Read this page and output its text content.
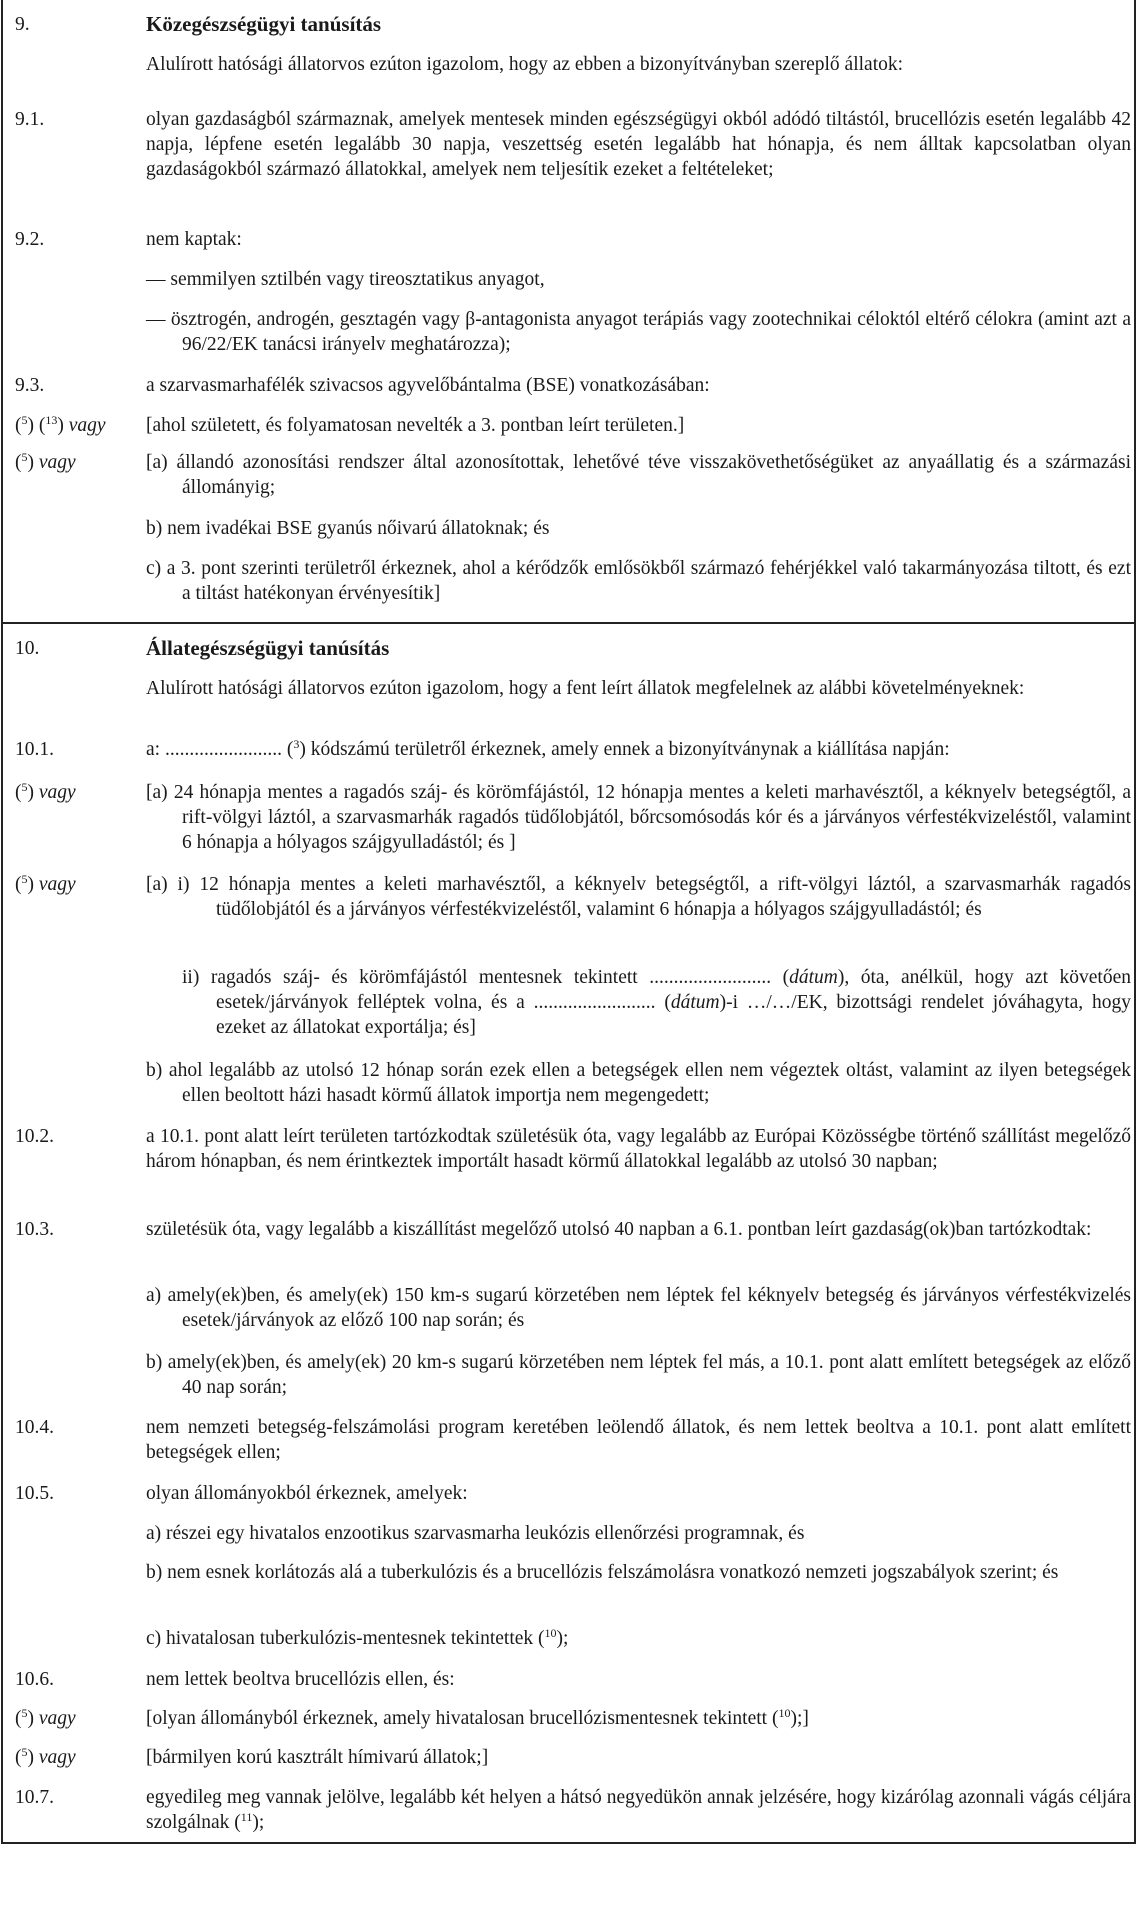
9.	Közegészségügyi tanúsítás
Alulírott hatósági állatorvos ezúton igazolom, hogy az ebben a bizonyítványban szereplő állatok:
9.1.	olyan gazdaságból származnak, amelyek mentesek minden egészségügyi okból adódó tiltástól, brucellózis esetén legalább 42 napja, lépfene esetén legalább 30 napja, veszettség esetén legalább hat hónapja, és nem álltak kapcsolatban olyan gazdaságokból származó állatokkal, amelyek nem teljesítik ezeket a feltételeket;
9.2.	nem kaptak:
— semmilyen sztilbén vagy tireosztatikus anyagot,
— ösztrogén, androgén, gesztagén vagy β-antagonista anyagot terápiás vagy zootechnikai céloktól eltérő célokra (amint azt a 96/22/EK tanácsi irányelv meghatározza);
9.3.	a szarvasmarhafélék szivacsos agyvelőbántalma (BSE) vonatkozásában:
($^5$) ($^{13}$) vagy [ahol született, és folyamatosan nevelték a 3. pontban leírt területen.]
($^5$) vagy	[a) állandó azonosítási rendszer által azonosítottak, lehetővé téve visszakövethetőségüket az anyaállatig és a származási állományig;
b) nem ivadékai BSE gyanús nőivarú állatoknak; és
c) a 3. pont szerinti területről érkeznek, ahol a kérődzők emlősökből származó fehérjékkel való takarmányozása tiltott, és ezt a tiltást hatékonyan érvényesítik]
10.	Állategészségügyi tanúsítás
Alulírott hatósági állatorvos ezúton igazolom, hogy a fent leírt állatok megfelelnek az alábbi követelményeknek:
10.1.	a: ........................ ($^3$) kódszámú területről érkeznek, amely ennek a bizonyítványnak a kiállítása napján:
($^5$) vagy	[a) 24 hónapja mentes a ragadós száj- és körömfájástól, 12 hónapja mentes a keleti marhavésztől, a kéknyelv betegségtől, a rift-völgyi láztól, a szarvasmarhák ragadós tüdőlobjától, bőrcsomósodás kór és a járványos vérfestékvizeléstől, valamint 6 hónapja a hólyagos szájgyulladástól; és ]
($^5$) vagy	[a) i) 12 hónapja mentes a keleti marhavésztől, a kéknyelv betegségtől, a rift-völgyi láztól, a szarvasmarhák ragadós tüdőlobjától és a járványos vérfestékvizeléstől, valamint 6 hónapja a hólyagos szájgyulladástól; és
ii) ragadós száj- és körömfájástól mentesnek tekintett ......................... (dátum), óta, anélkül, hogy azt követően esetek/járványok felléptek volna, és a ......................... (dátum)-i …/…/EK, bizottsági rendelet jóváhagyta, hogy ezeket az állatokat exportálja; és]
b) ahol legalább az utolsó 12 hónap során ezek ellen a betegségek ellen nem végeztek oltást, valamint az ilyen betegségek ellen beoltott házi hasadt körmű állatok importja nem megengedett;
10.2.	a 10.1. pont alatt leírt területen tartózkodtak születésük óta, vagy legalább az Európai Közösségbe történő szállítást megelőző három hónapban, és nem érintkeztek importált hasadt körmű állatokkal legalább az utolsó 30 napban;
10.3.	születésük óta, vagy legalább a kiszállítást megelőző utolsó 40 napban a 6.1. pontban leírt gazdaság(ok)ban tartózkodtak:
a) amely(ek)ben, és amely(ek) 150 km-s sugarú körzetében nem léptek fel kéknyelv betegség és járványos vérfestékvizelés esetek/járványok az előző 100 nap során; és
b) amely(ek)ben, és amely(ek) 20 km-s sugarú körzetében nem léptek fel más, a 10.1. pont alatt említett betegségek az előző 40 nap során;
10.4.	nem nemzeti betegség-felszámolási program keretében leölendő állatok, és nem lettek beoltva a 10.1. pont alatt említett betegségek ellen;
10.5.	olyan állományokból érkeznek, amelyek:
a) részei egy hivatalos enzootikus szarvasmarha leukózis ellenőrzési programnak, és
b) nem esnek korlátozás alá a tuberkulózis és a brucellózis felszámolásra vonatkozó nemzeti jogszabályok szerint; és
c) hivatalosan tuberkulózis-mentesnek tekintettek ($^{10}$);
10.6.	nem lettek beoltva brucellózis ellen, és:
($^5$) vagy	[olyan állományból érkeznek, amely hivatalosan brucellózismentesnek tekintett ($^{10}$);]
($^5$) vagy	[bármilyen korú kasztrált hímivarú állatok;]
10.7.	egyedileg meg vannak jelölve, legalább két helyen a hátsó negyedükön annak jelzésére, hogy kizárólag azonnali vágás céljára szolgálnak ($^{11}$);
